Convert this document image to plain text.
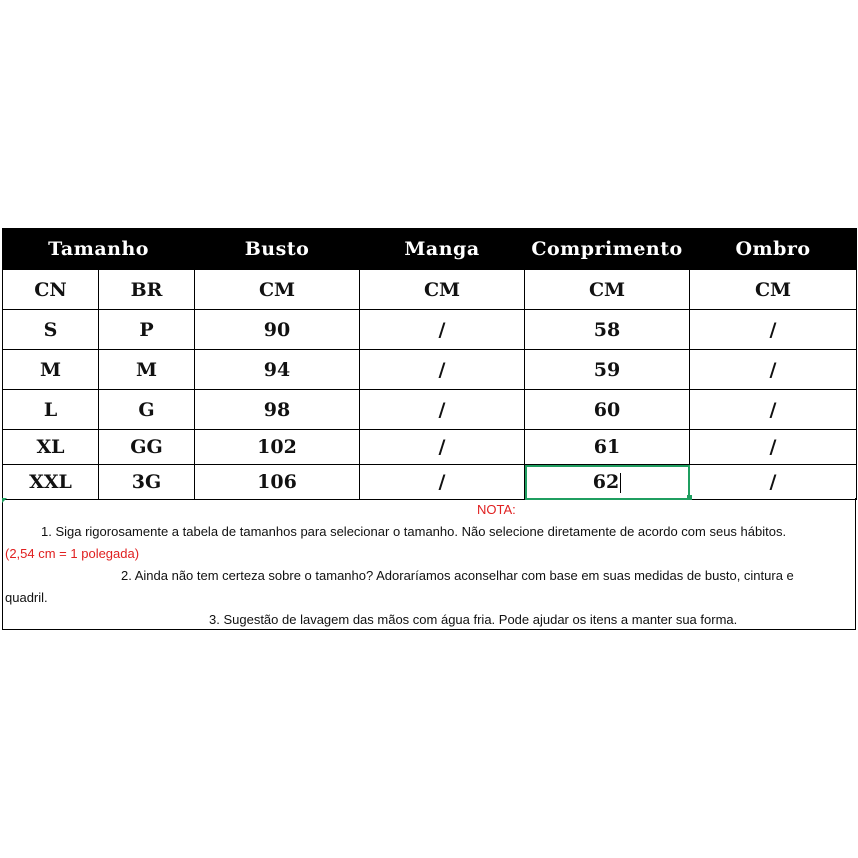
Tamanho		Busto	Manga	Comprimento	Ombro
CN	BR	CM	CM	CM	CM
S	P	90	/	58	/
M	M	94	/	59	/
L	G	98	/	60	/
XL	GG	102	/	61	/
XXL	3G	106	/	62	/
NOTA:
1. Siga rigorosamente a tabela de tamanhos para selecionar o tamanho. Não selecione diretamente de acordo com seus hábitos.
(2,54 cm = 1 polegada)
2. Ainda não tem certeza sobre o tamanho? Adoraríamos aconselhar com base em suas medidas de busto, cintura e
quadril.
3. Sugestão de lavagem das mãos com água fria. Pode ajudar os itens a manter sua forma.
